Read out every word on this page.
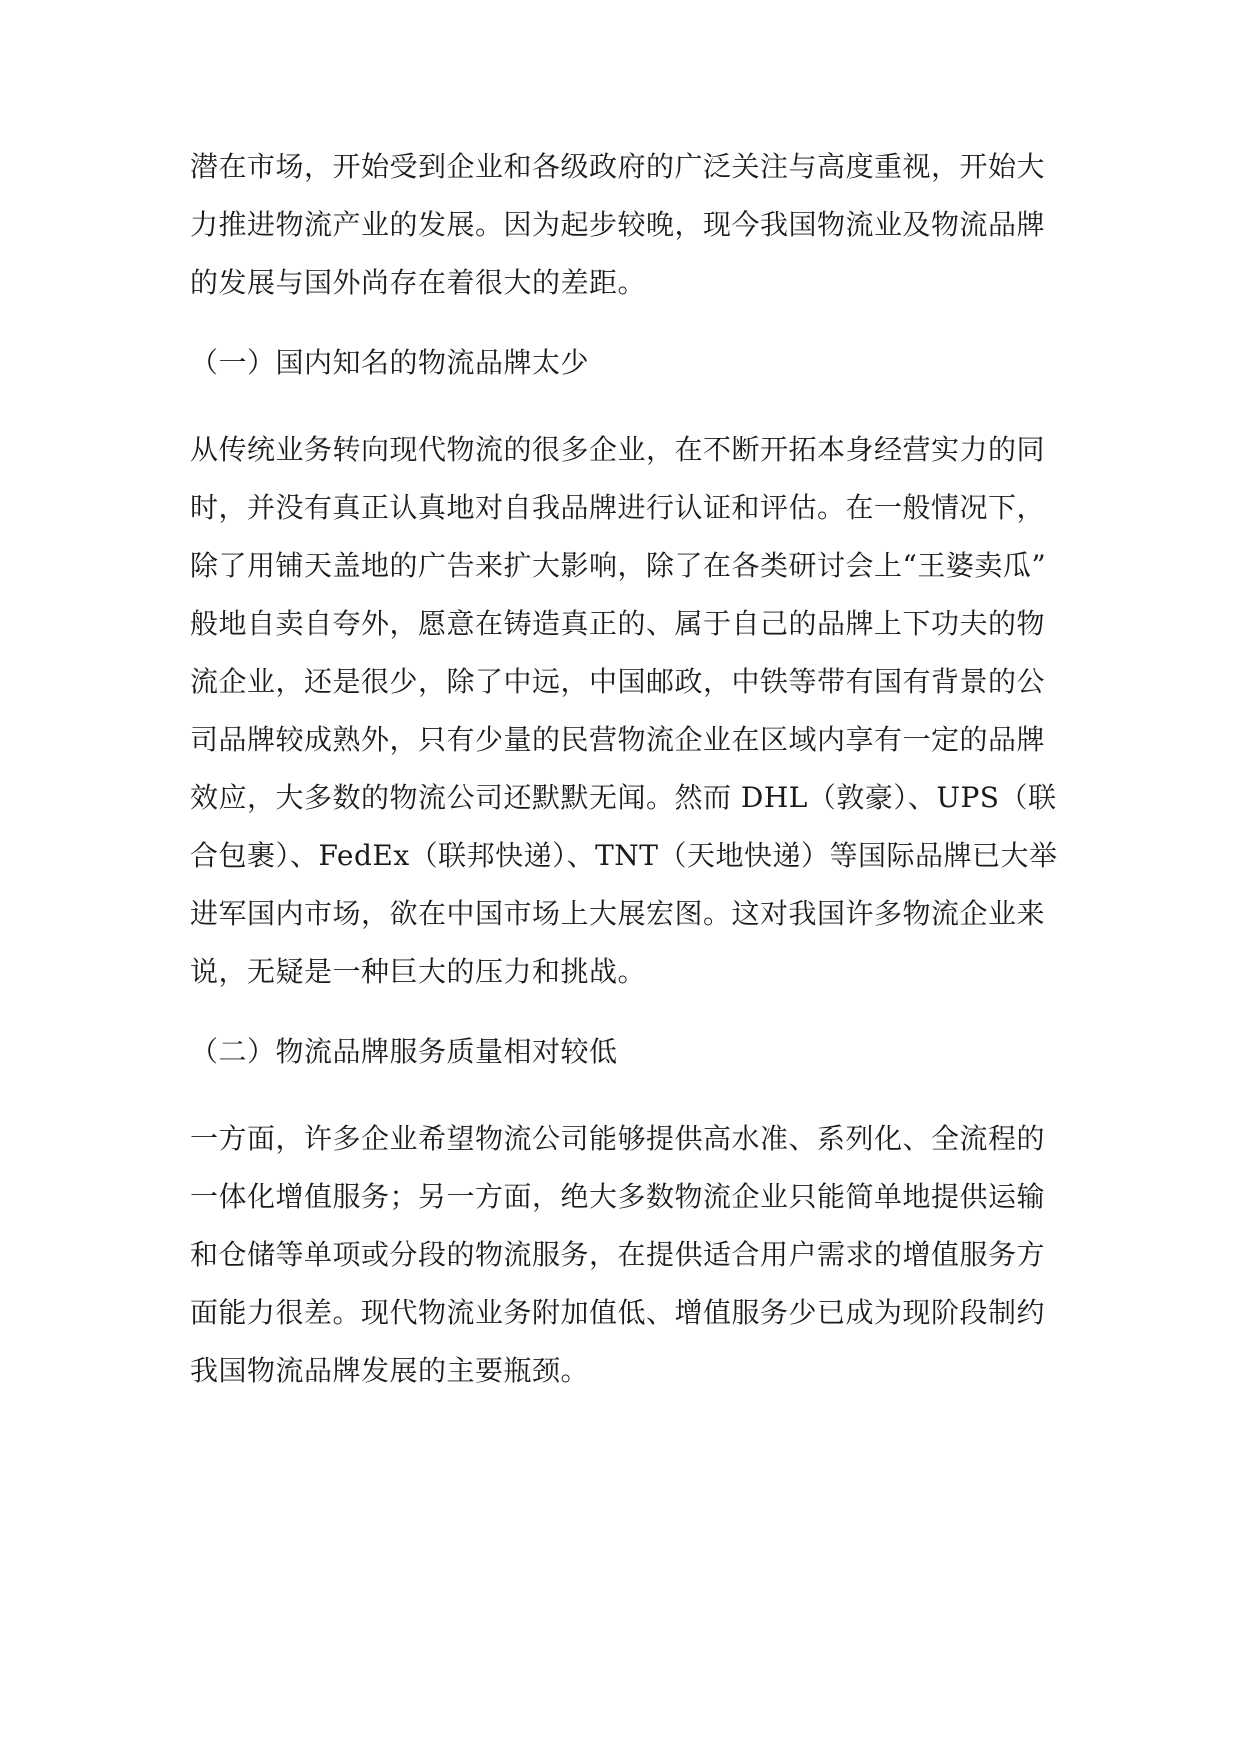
潜在市场，开始受到企业和各级政府的广泛关注与高度重视，开始大
力推进物流产业的发展。因为起步较晚，现今我国物流业及物流品牌
的发展与国外尚存在着很大的差距。
（一）国内知名的物流品牌太少
从传统业务转向现代物流的很多企业，在不断开拓本身经营实力的同
时，并没有真正认真地对自我品牌进行认证和评估。在一般情况下，
除了用铺天盖地的广告来扩大影响，除了在各类研讨会上“王婆卖瓜”
般地自卖自夸外，愿意在铸造真正的、属于自己的品牌上下功夫的物
流企业，还是很少，除了中远，中国邮政，中铁等带有国有背景的公
司品牌较成熟外，只有少量的民营物流企业在区域内享有一定的品牌
效应，大多数的物流公司还默默无闻。然而 DHL（敦豪）、UPS（联
合包裹）、FedEx（联邦快递）、TNT（天地快递）等国际品牌已大举
进军国内市场，欲在中国市场上大展宏图。这对我国许多物流企业来
说，无疑是一种巨大的压力和挑战。
（二）物流品牌服务质量相对较低
一方面，许多企业希望物流公司能够提供高水准、系列化、全流程的
一体化增值服务；另一方面，绝大多数物流企业只能简单地提供运输
和仓储等单项或分段的物流服务，在提供适合用户需求的增值服务方
面能力很差。现代物流业务附加值低、增值服务少已成为现阶段制约
我国物流品牌发展的主要瓶颈。
